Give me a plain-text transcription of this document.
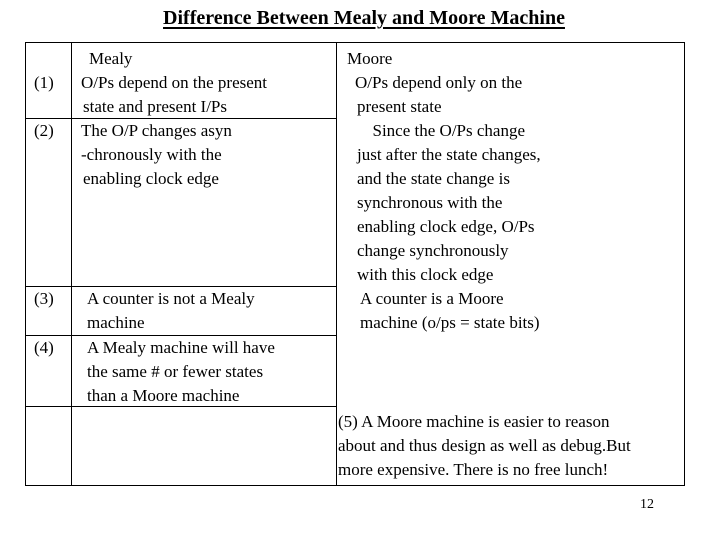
Difference Between Mealy and Moore Machine
Mealy	Moore
(1)
(2)
(3)
(4)
O/Ps depend on the present
state and present I/Ps
O/Ps depend only on the
present state
The O/P changes asyn
-chronously with the
enabling clock edge
Since the O/Ps change
just after the state changes,
and the state change is
synchronous with the
enabling clock edge, O/Ps
change synchronously
with this clock edge
A counter is not a Mealy
machine
A counter is a Moore
machine (o/ps = state bits)
A Mealy machine will have
the same # or fewer states
than a Moore machine
(5) A Moore machine is easier to reason
about and thus design as well as debug.But
more expensive. There is no free lunch!
12
